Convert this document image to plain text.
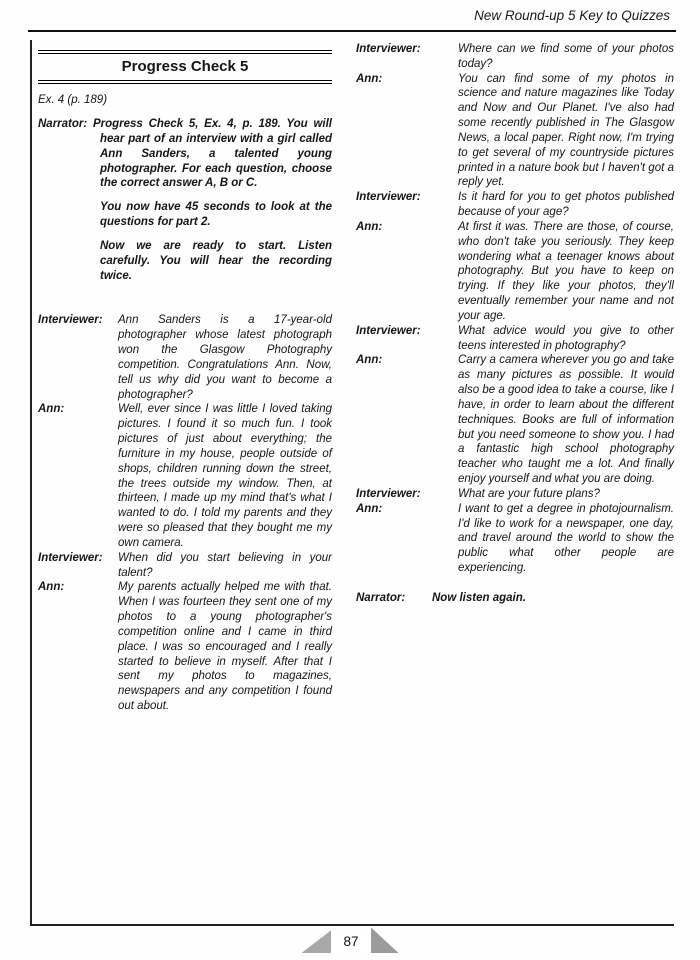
New Round-up 5 Key to Quizzes
Progress Check 5
Ex. 4 (p. 189)

Narrator: Progress Check 5, Ex. 4, p. 189. You will hear part of an interview with a girl called Ann Sanders, a talented young photographer. For each question, choose the correct answer A, B or C.

You now have 45 seconds to look at the questions for part 2.

Now we are ready to start. Listen carefully. You will hear the recording twice.

Interviewer:	Ann Sanders is a 17-year-old photographer whose latest photograph won the Glasgow Photography competition. Congratulations Ann. Now, tell us why did you want to become a photographer?

Ann:	Well, ever since I was little I loved taking pictures. I found it so much fun. I took pictures of just about everything; the furniture in my house, people outside of shops, children running down the street, the trees outside my window. Then, at thirteen, I made up my mind that's what I wanted to do. I told my parents and they were so pleased that they bought me my own camera.

Interviewer:	When did you start believing in your talent?

Ann:	My parents actually helped me with that. When I was fourteen they sent one of my photos to a young photographer's competition online and I came in third place. I was so encouraged and I really started to believe in myself. After that I sent my photos to magazines, newspapers and any competition I found out about.

Interviewer:	Where can we find some of your photos today?

Ann:	You can find some of my photos in science and nature magazines like Today and Now and Our Planet. I've also had some recently published in The Glasgow News, a local paper. Right now, I'm trying to get several of my countryside pictures printed in a nature book but I haven't got a reply yet.

Interviewer:	Is it hard for you to get photos published because of your age?

Ann:	At first it was. There are those, of course, who don't take you seriously. They keep wondering what a teenager knows about photography. But you have to keep on trying. If they like your photos, they'll eventually remember your name and not your age.

Interviewer:	What advice would you give to other teens interested in photography?

Ann:	Carry a camera wherever you go and take as many pictures as possible. It would also be a good idea to take a course, like I have, in order to learn about the different techniques. Books are full of information but you need someone to show you. I had a fantastic high school photography teacher who taught me a lot. And finally enjoy yourself and what you are doing.

Interviewer:	What are your future plans?

Ann:	I want to get a degree in photojournalism. I'd like to work for a newspaper, one day, and travel around the world to show the public what other people are experiencing.

Narrator:	Now listen again.

87
